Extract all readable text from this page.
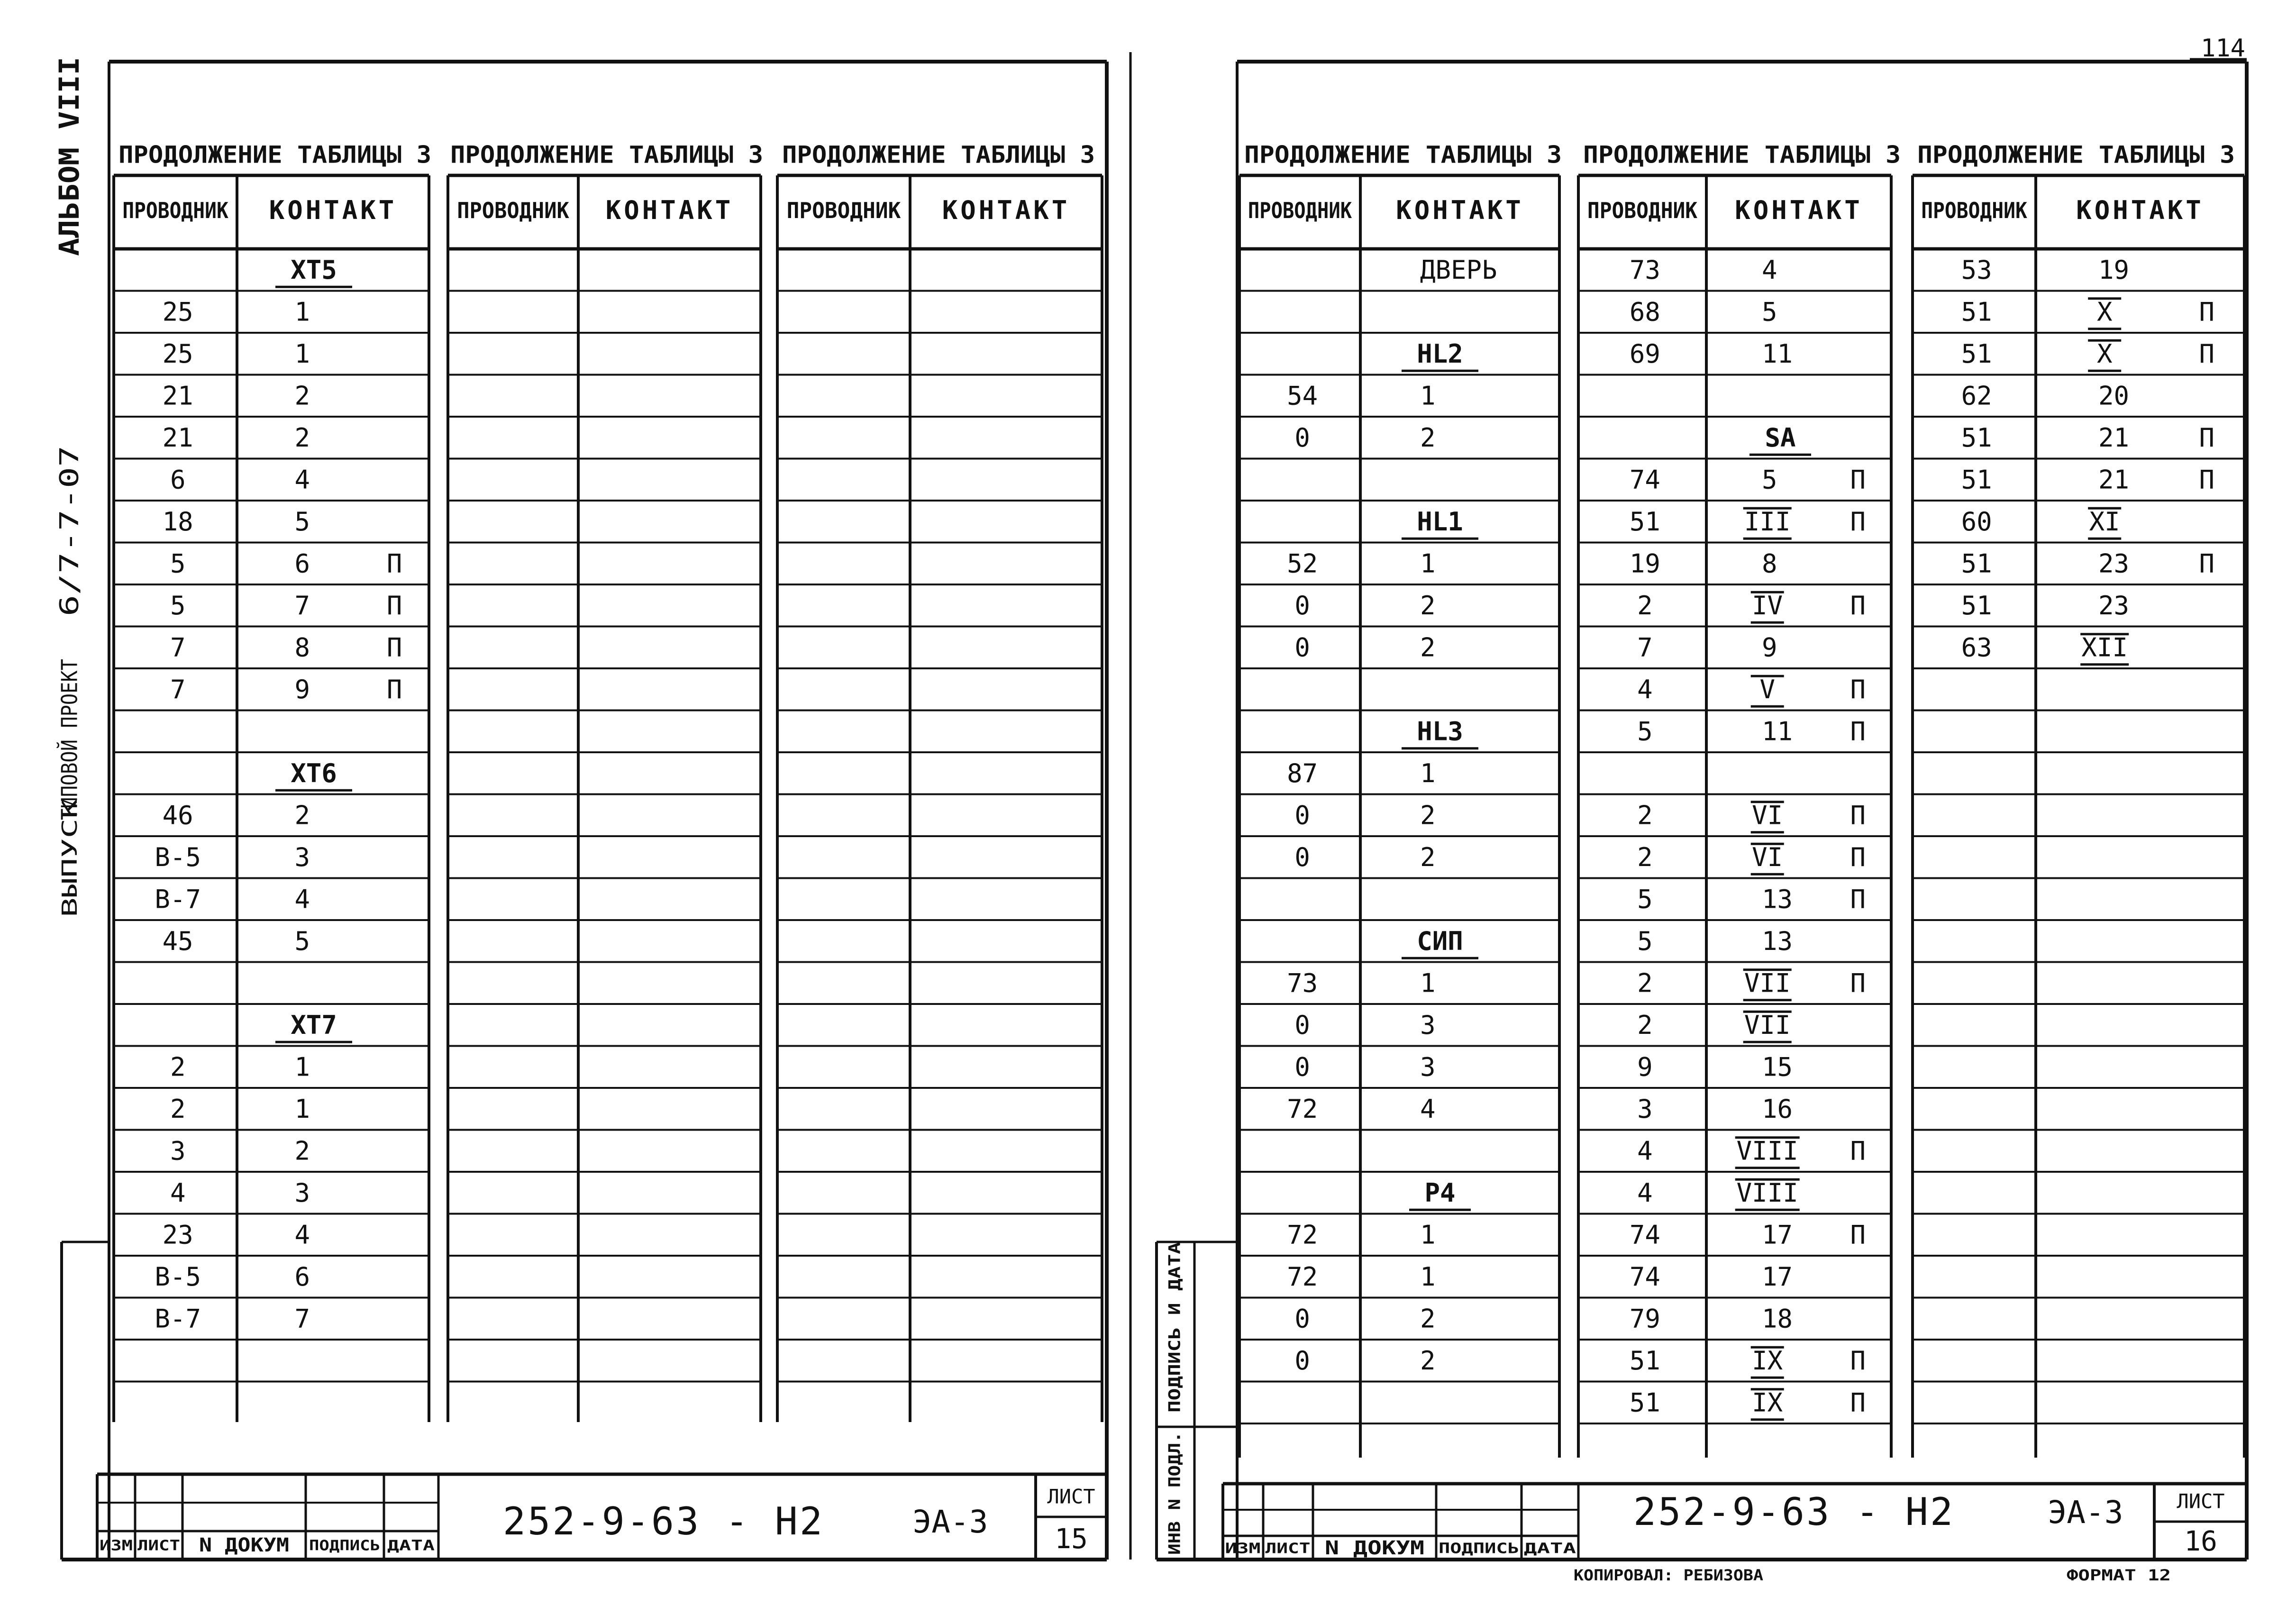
ПРОВОДНИК КОНТАКТ
XT5
25	1
25	1
21	2
21	2
6	4
18	5
5	6	П
5	7	П
7	8	П
7	9	П
XT6
46	2
В-5	3
В-7	4
45	5
XT7
2	1
2	1
3	2
4	3
23	4
В-5	6
В-7	7
ПРОВОДНИК КОНТАКТ ПРОВОДНИК КОНТАКТ
ПРОДОЛЖЕНИЕ ТАБЛИЦЫ 3 ПРОДОЛЖЕНИЕ ТАБЛИЦЫ 3 ПРОДОЛЖЕНИЕ ТАБЛИЦЫ 3
ИЗМ ЛИСТ N ДОКУМ ПОДПИСЬ ДАТА
252-9-63 - Н2	ЭА-3
ЛИСТ
15
АЛЬБОМ VIII
6/7-7-07
ТИПОВОЙ ПРОЕКТ
ВЫПУСК
114
ПРОВОДНИК КОНТАКТ
ДВЕРЬ
HL2
54	1
0	2
HL1
52	1
0	2
0	2
HL3
87	1
0	2
0	2
СИП
73	1
0	3
0	3
72	4
P4
72	1
72	1
0	2
0	2
ПРОВОДНИК КОНТАКТ
73	4
68	5
69	11
SA
74	5	П
51	III П
19	8
2	IV	П
7	9
4	V	П
5	11 П
2	VI	П
2	VI	П
5	13 П
5	13
2	VII П
2	VII
9	15
3	16
4	VIII П
4	VIII
74	17 П
74	17
79	18
51	IX	П
51	IX	П
ПРОВОДНИК КОНТАКТ
53	19
51	X	П
51	X	П
62	20
51	21	П
51	21	П
60	XI
51	23	П
51	23
63	XII
ПРОДОЛЖЕНИЕ ТАБЛИЦЫ 3 ПРОДОЛЖЕНИЕ ТАБЛИЦЫ 3 ПРОДОЛЖЕНИЕ ТАБЛИЦЫ 3
ИЗМ ЛИСТ N ДОКУМ ПОДПИСЬ ДАТА
252-9-63 - Н2	ЭА-3	ЛИСТ
16
ИНВ N ПОДЛ.
ПОДПИСЬ И ДАТА
КОПИРОВАЛ: РЕБИЗОВА	ФОРМАТ 12
